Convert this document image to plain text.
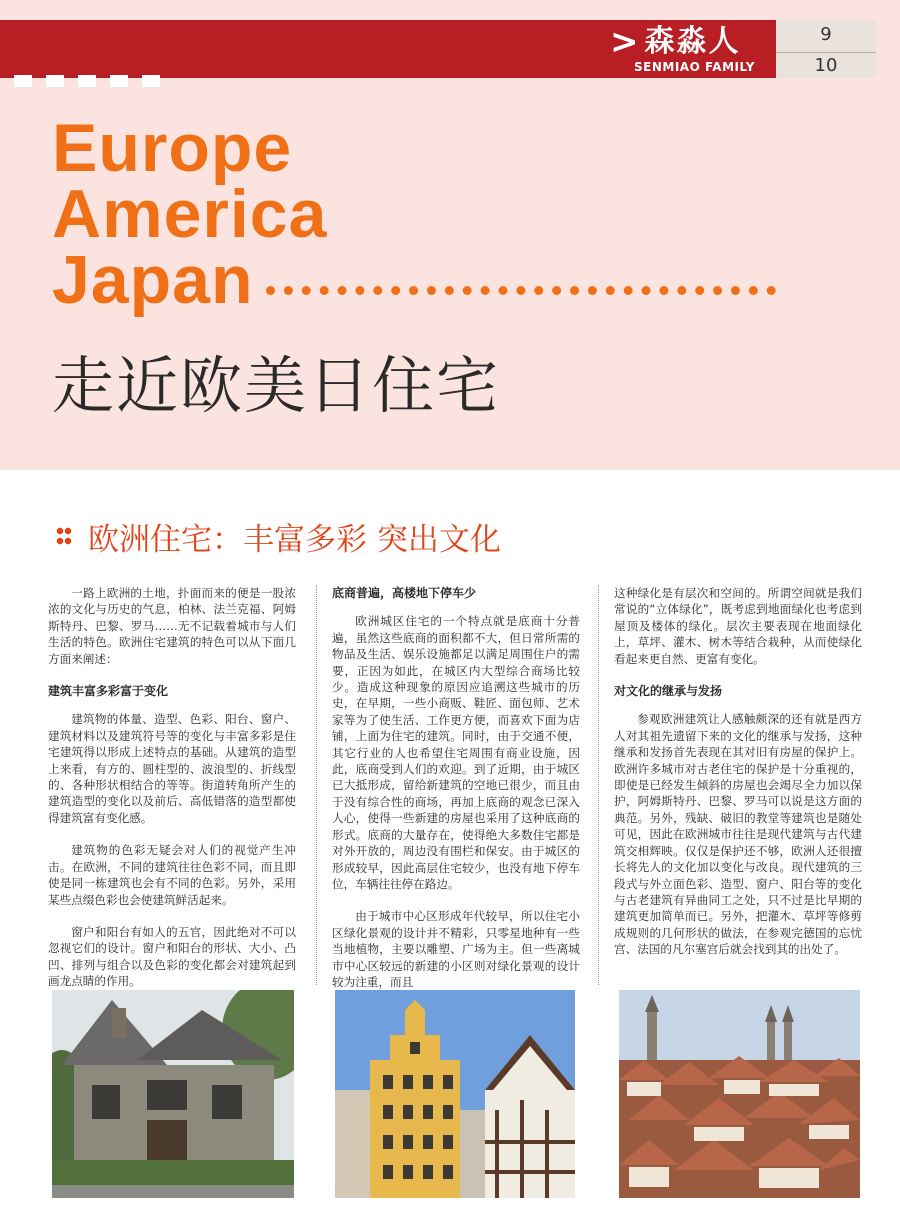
> 森淼人
SENMIAO FAMILY
9
10
Europe
America
Japan
走近欧美日住宅
欧洲住宅：丰富多彩 突出文化

一路上欧洲的土地，扑面而来的便是一股浓浓的文化与历史的气息，柏林、法兰克福、阿姆斯特丹、巴黎、罗马……无不记载着城市与人们生活的特色。欧洲住宅建筑的特色可以从下面几方面来阐述：

建筑丰富多彩富于变化

建筑物的体量、造型、色彩、阳台、窗户、建筑材料以及建筑符号等的变化与丰富多彩是住宅建筑得以形成上述特点的基础。从建筑的造型上来看，有方的、圆柱型的、波浪型的、折线型的、各种形状相结合的等等。街道转角所产生的建筑造型的变化以及前后、高低错落的造型都使得建筑富有变化感。

建筑物的色彩无疑会对人们的视觉产生冲击。在欧洲，不同的建筑往往色彩不同，而且即使是同一栋建筑也会有不同的色彩。另外，采用某些点缀色彩也会使建筑鲜活起来。

窗户和阳台有如人的五官，因此绝对不可以忽视它们的设计。窗户和阳台的形状、大小、凸凹、排列与组合以及色彩的变化都会对建筑起到画龙点睛的作用。

底商普遍，高楼地下停车少

欧洲城区住宅的一个特点就是底商十分普遍，虽然这些底商的面积都不大，但日常所需的物品及生活、娱乐设施都足以满足周围住户的需要，正因为如此，在城区内大型综合商场比较少。造成这种现象的原因应追溯这些城市的历史，在早期，一些小商贩、鞋匠、面包师、艺术家等为了使生活、工作更方便，而喜欢下面为店铺，上面为住宅的建筑。同时，由于交通不便，其它行业的人也希望住宅周围有商业设施，因此，底商受到人们的欢迎。到了近期，由于城区已大抵形成，留给新建筑的空地已很少，而且由于没有综合性的商场，再加上底商的观念已深入人心，使得一些新建的房屋也采用了这种底商的形式。底商的大量存在，使得绝大多数住宅都是对外开放的，周边没有围栏和保安。由于城区的形成较早，因此高层住宅较少，也没有地下停车位，车辆往往停在路边。

由于城市中心区形成年代较早，所以住宅小区绿化景观的设计并不精彩，只零星地种有一些当地植物，主要以雕塑、广场为主。但一些离城市中心区较远的新建的小区则对绿化景观的设计较为注重，而且

这种绿化是有层次和空间的。所谓空间就是我们常说的“立体绿化”，既考虑到地面绿化也考虑到屋顶及楼体的绿化。层次主要表现在地面绿化上，草坪、灌木、树木等结合栽种，从而使绿化看起来更自然、更富有变化。

对文化的继承与发扬

参观欧洲建筑让人感触颇深的还有就是西方人对其祖先遗留下来的文化的继承与发扬，这种继承和发扬首先表现在其对旧有房屋的保护上。欧洲许多城市对古老住宅的保护是十分重视的，即使是已经发生倾斜的房屋也会竭尽全力加以保护，阿姆斯特丹、巴黎、罗马可以说是这方面的典范。另外，残缺、破旧的教堂等建筑也是随处可见，因此在欧洲城市往往是现代建筑与古代建筑交相辉映。仅仅是保护还不够，欧洲人还很擅长将先人的文化加以变化与改良。现代建筑的三段式与外立面色彩、造型、窗户、阳台等的变化与古老建筑有异曲同工之处，只不过是比早期的建筑更加简单而已。另外，把灌木、草坪等修剪成规则的几何形状的做法，在参观完德国的忘忧宫、法国的凡尔塞宫后就会找到其的出处了。
